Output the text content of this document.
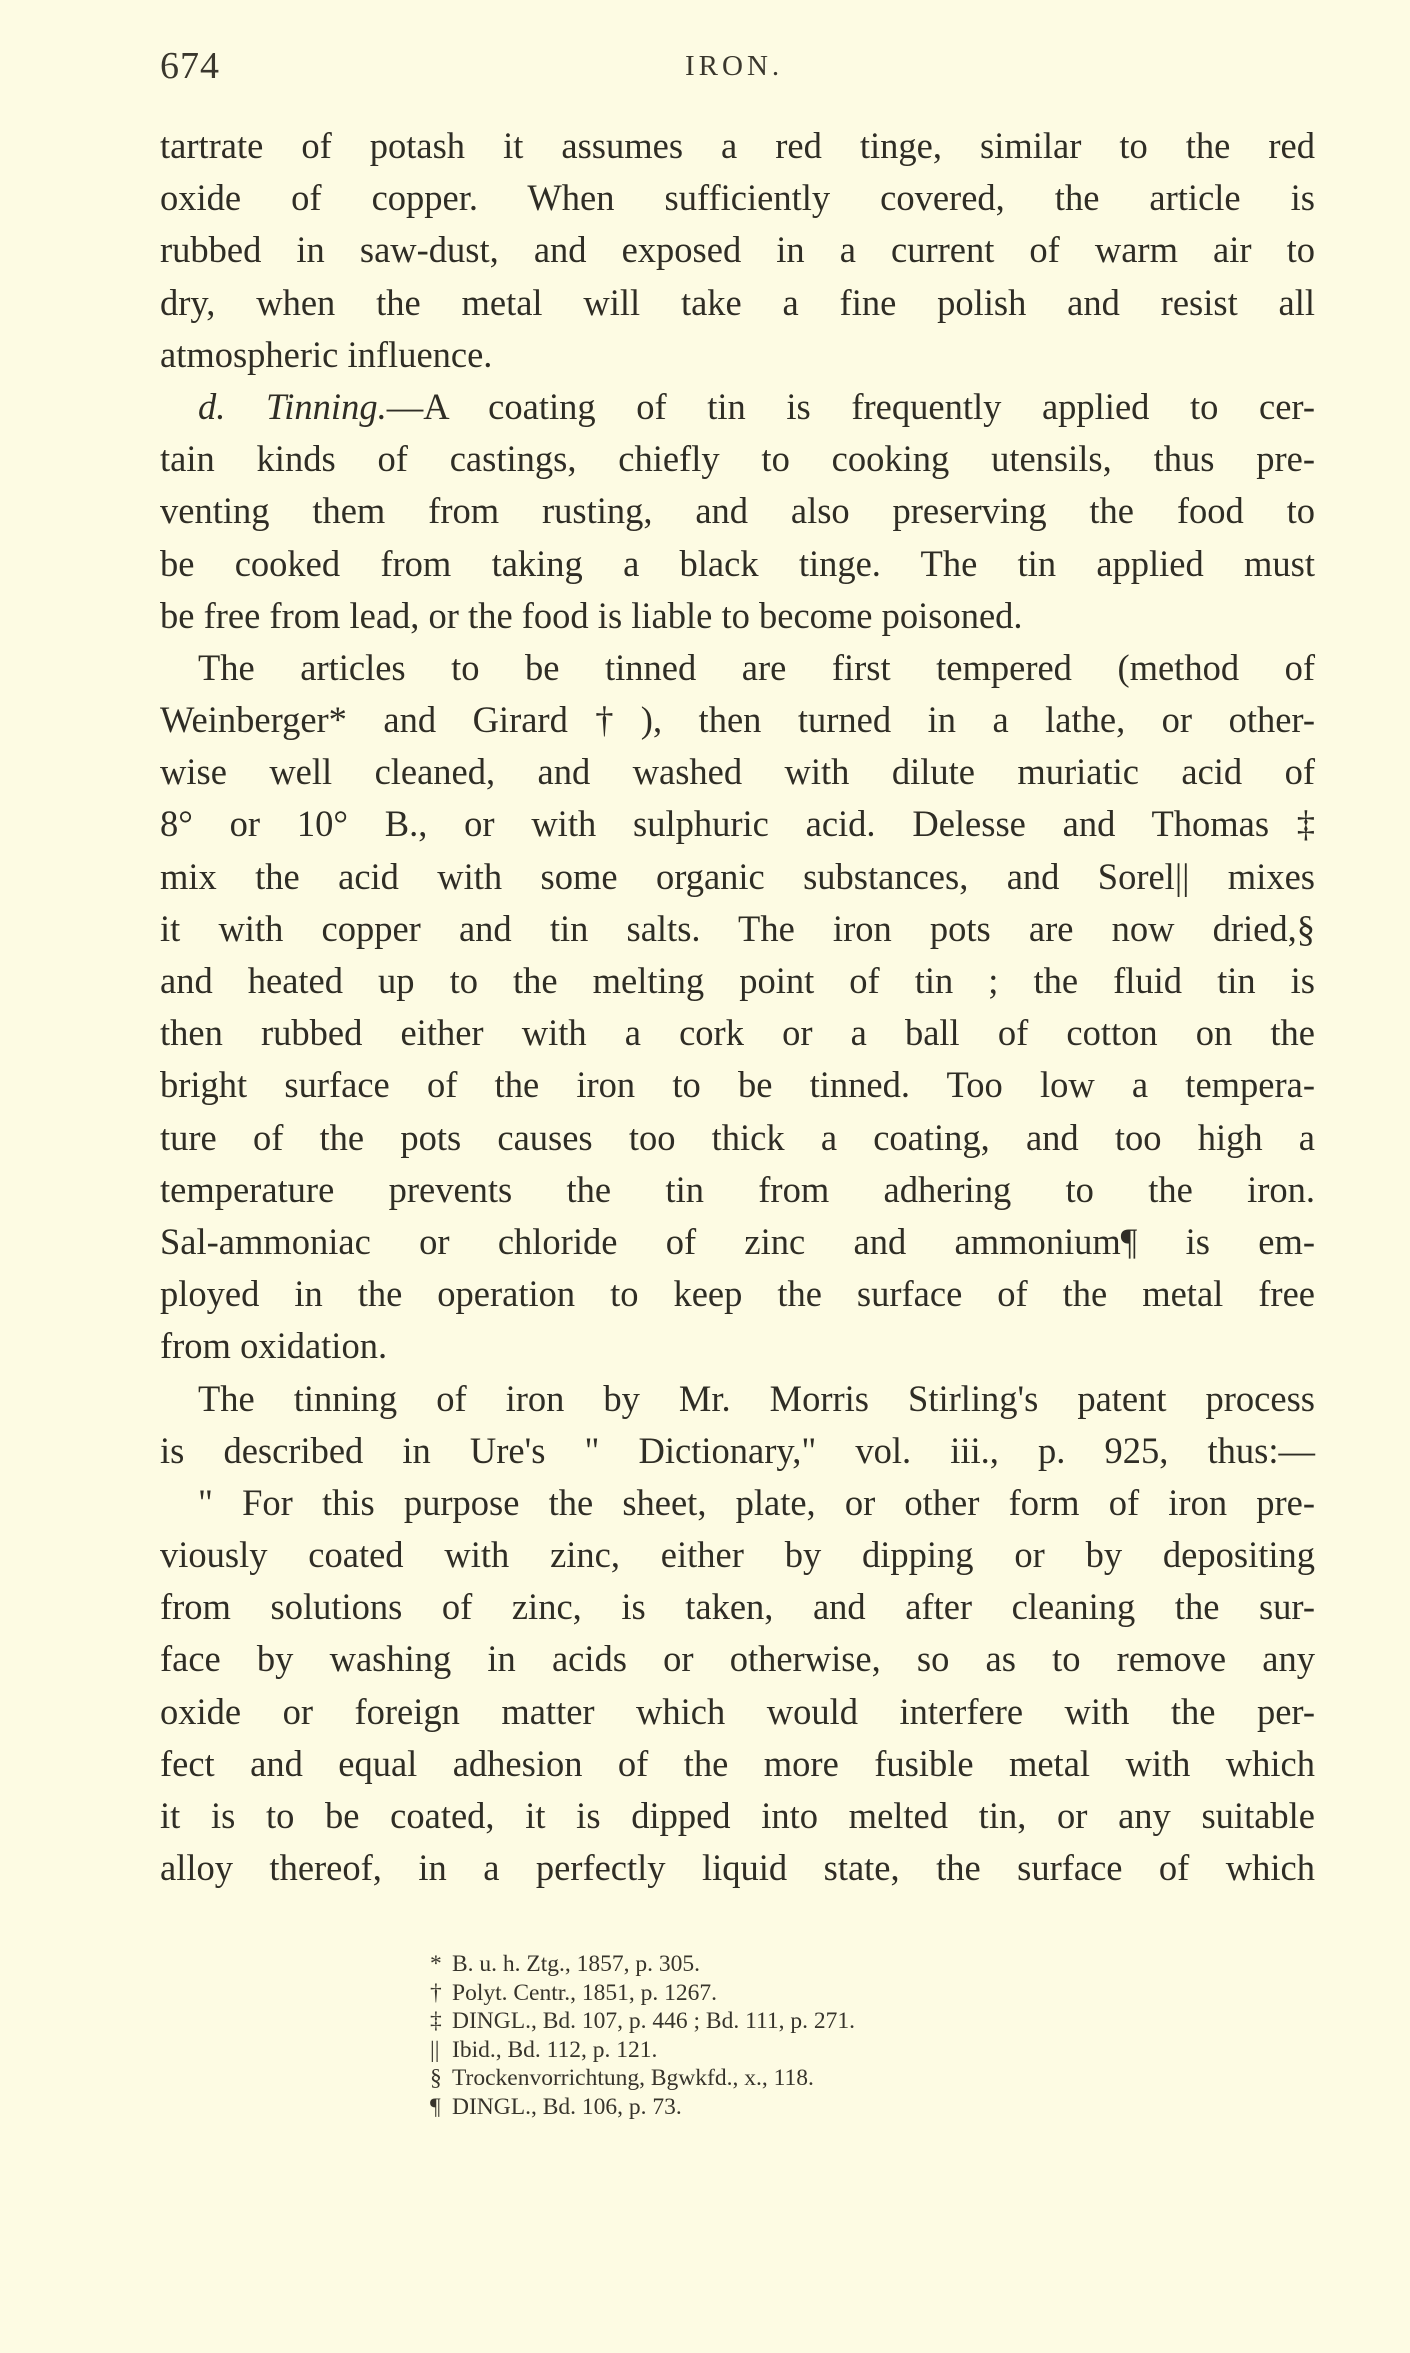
674	IRON.
tartrate of potash it assumes a red tinge, similar to the red
oxide of copper. When sufficiently covered, the article is
rubbed in saw-dust, and exposed in a current of warm air to
dry, when the metal will take a fine polish and resist all
atmospheric influence.
d. Tinning.—A coating of tin is frequently applied to cer-
tain kinds of castings, chiefly to cooking utensils, thus pre-
venting them from rusting, and also preserving the food to
be cooked from taking a black tinge. The tin applied must
be free from lead, or the food is liable to become poisoned.
The articles to be tinned are first tempered (method of
Weinberger* and Girard†), then turned in a lathe, or other-
wise well cleaned, and washed with dilute muriatic acid of
8° or 10° B., or with sulphuric acid. Delesse and Thomas‡
mix the acid with some organic substances, and Sorel|| mixes
it with copper and tin salts. The iron pots are now dried,§
and heated up to the melting point of tin ; the fluid tin is
then rubbed either with a cork or a ball of cotton on the
bright surface of the iron to be tinned. Too low a tempera-
ture of the pots causes too thick a coating, and too high a
temperature prevents the tin from adhering to the iron.
Sal-ammoniac or chloride of zinc and ammonium¶ is em-
ployed in the operation to keep the surface of the metal free
from oxidation.
The tinning of iron by Mr. Morris Stirling's patent process
is described in Ure's " Dictionary," vol. iii., p. 925, thus:—
" For this purpose the sheet, plate, or other form of iron pre-
viously coated with zinc, either by dipping or by depositing
from solutions of zinc, is taken, and after cleaning the sur-
face by washing in acids or otherwise, so as to remove any
oxide or foreign matter which would interfere with the per-
fect and equal adhesion of the more fusible metal with which
it is to be coated, it is dipped into melted tin, or any suitable
alloy thereof, in a perfectly liquid state, the surface of which
* B. u. h. Ztg., 1857, p. 305.
† Polyt. Centr., 1851, p. 1267.
‡ DINGL., Bd. 107, p. 446 ; Bd. 111, p. 271.
|| Ibid., Bd. 112, p. 121.
§ Trockenvorrichtung, Bgwkfd., x., 118.
¶ DINGL., Bd. 106, p. 73.
